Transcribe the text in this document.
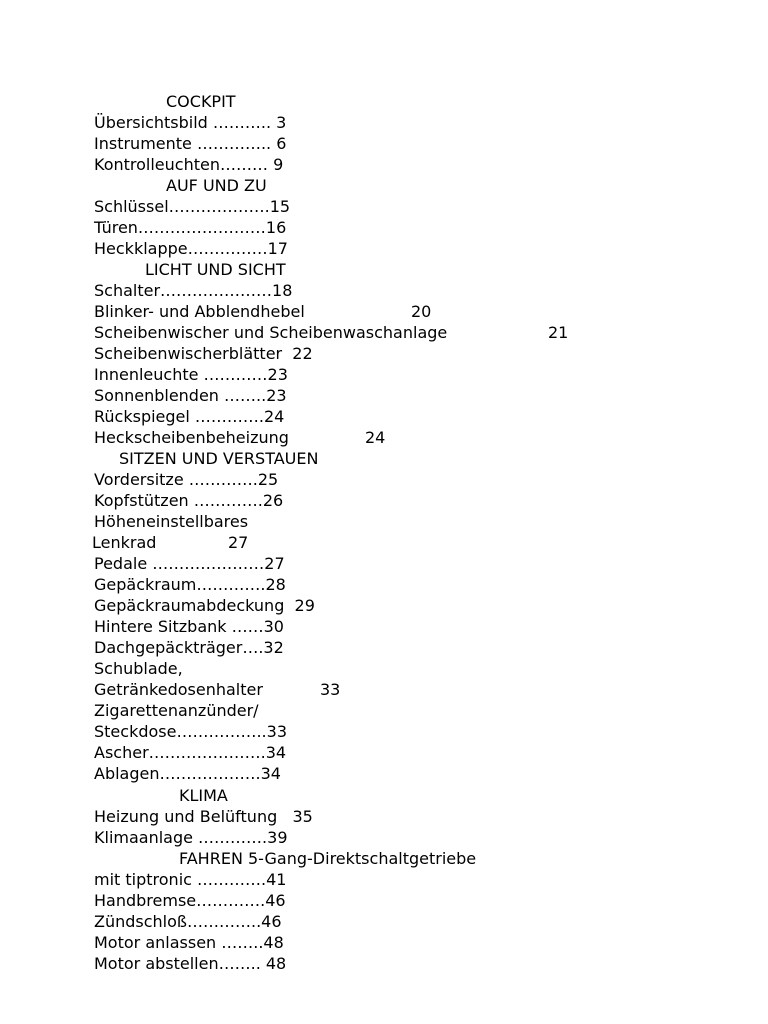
COCKPIT
Übersichtsbild ……….. 3
Instrumente ………….. 6
Kontrolleuchten……… 9
AUF UND ZU
Schlüssel……………….15
Türen……………………16
Heckklappe……………17
LICHT UND SICHT
Schalter…………………18
Blinker- und Abblendhebel	20
Scheibenwischer und Scheibenwaschanlage	21
Scheibenwischerblätter  22
Innenleuchte …………23
Sonnenblenden ……..23
Rückspiegel ………….24
Heckscheibenbeheizung	24
SITZEN UND VERSTAUEN
Vordersitze ………….25
Kopfstützen ………….26
Höheneinstellbares
Lenkrad	27
Pedale …………………27
Gepäckraum………….28
Gepäckraumabdeckung  29
Hintere Sitzbank ……30
Dachgepäckträger….32
Schublade,
Getränkedosenhalter	33
Zigarettenanzünder/
Steckdose……………..33
Ascher………………….34
Ablagen……………….34
KLIMA
Heizung und Belüftung   35
Klimaanlage ………….39
FAHREN 5-Gang-Direktschaltgetriebe
mit tiptronic ………….41
Handbremse………….46
Zündschloß…………..46
Motor anlassen ……..48
Motor abstellen…….. 48
